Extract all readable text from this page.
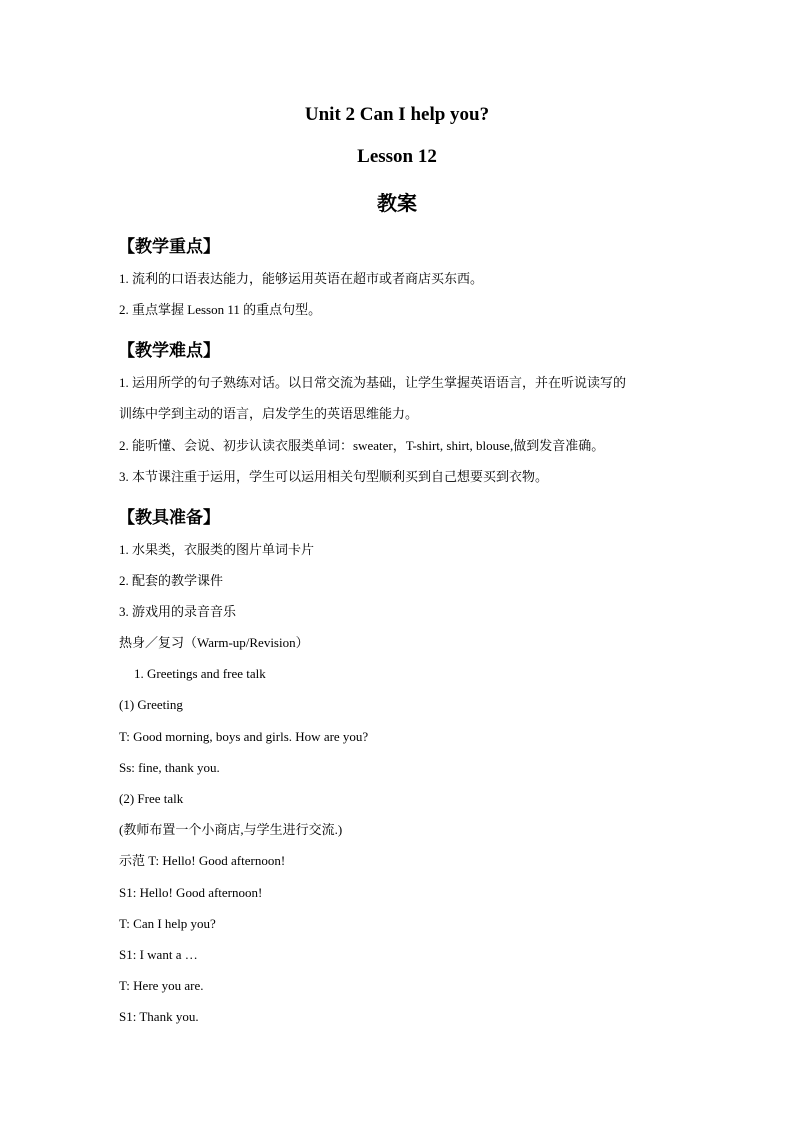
Unit 2 Can I help you?
Lesson 12
教案
【教学重点】
1. 流利的口语表达能力，能够运用英语在超市或者商店买东西。
2. 重点掌握 Lesson 11 的重点句型。
【教学难点】
1. 运用所学的句子熟练对话。以日常交流为基础，让学生掌握英语语言，并在听说读写的
训练中学到主动的语言，启发学生的英语思维能力。
2. 能听懂、会说、初步认读衣服类单词：sweater，T-shirt, shirt, blouse,做到发音准确。
3. 本节课注重于运用，学生可以运用相关句型顺利买到自己想要买到衣物。
【教具准备】
1. 水果类，衣服类的图片单词卡片
2. 配套的教学课件
3. 游戏用的录音音乐
热身／复习（Warm-up/Revision）
1. Greetings and free talk
(1) Greeting
T: Good morning, boys and girls. How are you?
Ss: fine, thank you.
(2) Free talk
(教师布置一个小商店,与学生进行交流.)
示范 T: Hello! Good afternoon!
S1: Hello! Good afternoon!
T: Can I help you?
S1: I want a …
T: Here you are.
S1: Thank you.
